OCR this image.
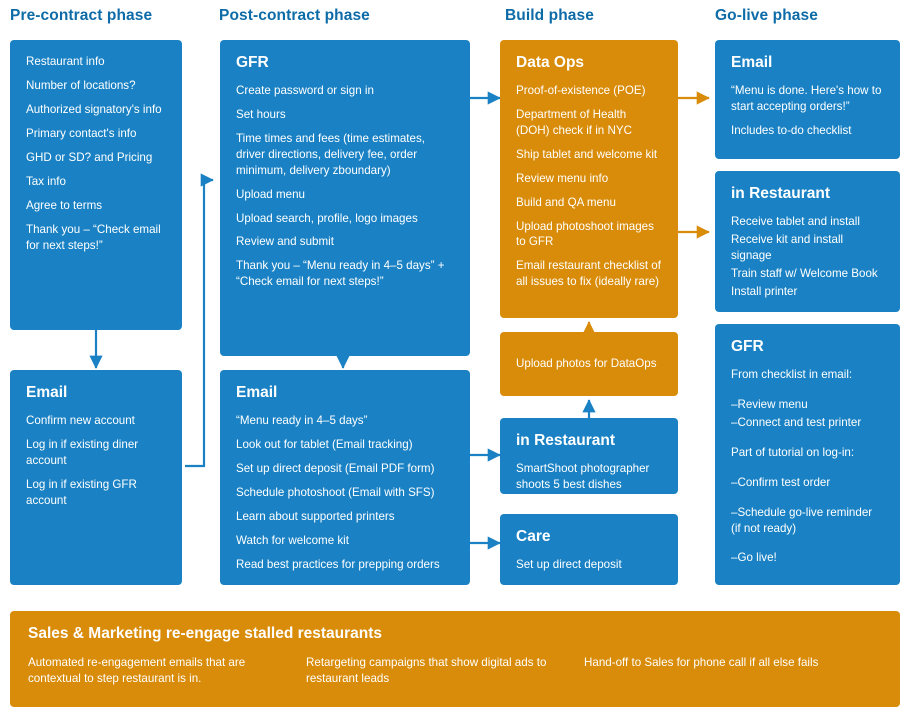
Pre-contract phase	Post-contract phase	Build phase	Go-live phase
Restaurant info
Number of locations?
Authorized signatory's info
Primary contact's info
GHD or SD? and Pricing
Tax info
Agree to terms
Thank you – “Check email for next steps!”
Email
Confirm new account
Log in if existing diner account
Log in if existing GFR account
GFR
Create password or sign in
Set hours
Time times and fees (time estimates, driver directions, delivery fee, order minimum, delivery zboundary)
Upload menu
Upload search, profile, logo images
Review and submit
Thank you – “Menu ready in 4–5 days” + “Check email for next steps!”
Email
“Menu ready in 4–5 days”
Look out for tablet (Email tracking)
Set up direct deposit (Email PDF form)
Schedule photoshoot (Email with SFS)
Learn about supported printers
Watch for welcome kit
Read best practices for prepping orders
Data Ops
Proof-of-existence (POE)
Department of Health (DOH) check if in NYC
Ship tablet and welcome kit
Review menu info
Build and QA menu
Upload photoshoot images to GFR
Email restaurant checklist of all issues to fix (ideally rare)
Upload photos for DataOps
in Restaurant
SmartShoot photographer shoots 5 best dishes
Care
Set up direct deposit
Email
“Menu is done. Here's how to start accepting orders!”
Includes to-do checklist
in Restaurant
Receive tablet and install
Receive kit and install signage
Train staff w/ Welcome Book
Install printer
GFR
From checklist in email:
–Review menu
–Connect and test printer
Part of tutorial on log-in:
–Confirm test order
–Schedule go-live reminder (if not ready)
–Go live!
Sales & Marketing re-engage stalled restaurants
Automated re-engagement emails that are contextual to step restaurant is in.
Retargeting campaigns that show digital ads to restaurant leads
Hand-off to Sales for phone call if all else fails
